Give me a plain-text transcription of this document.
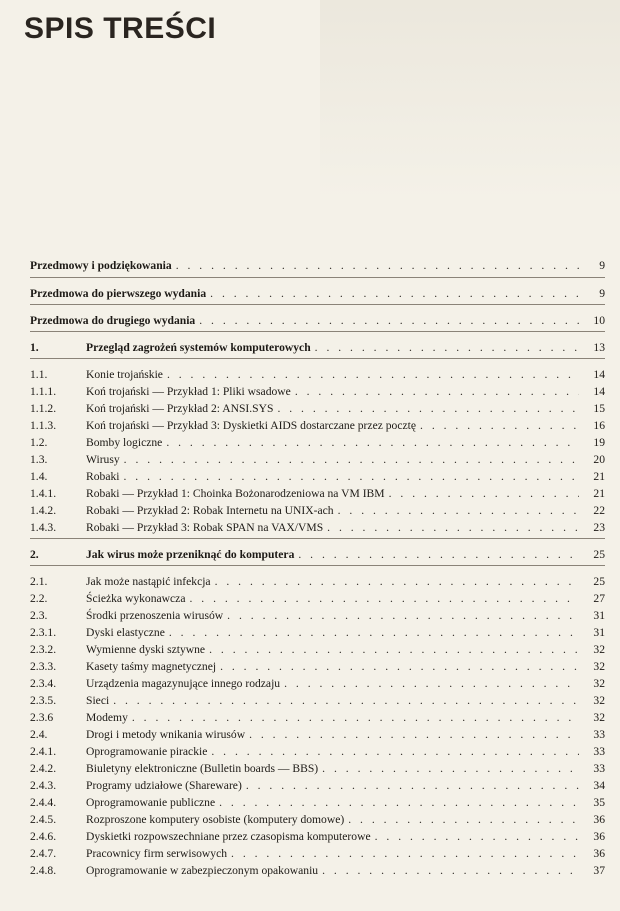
SPIS TREŚCI
Przedmowy i podziękowania . . .	9
Przedmowa do pierwszego wydania . . .	9
Przedmowa do drugiego wydania . . .	10
1.	Przegląd zagrożeń systemów komputerowych . . .	13
1.1.	Konie trojańskie . . .	14
1.1.1.	Koń trojański — Przykład 1: Pliki wsadowe . . .	14
1.1.2.	Koń trojański — Przykład 2: ANSI.SYS . . .	15
1.1.3.	Koń trojański — Przykład 3: Dyskietki AIDS dostarczane przez pocztę . . .	16
1.2.	Bomby logiczne . . .	19
1.3.	Wirusy . . .	20
1.4.	Robaki . . .	21
1.4.1.	Robaki — Przykład 1: Choinka Bożonarodzeniowa na VM IBM . . .	21
1.4.2.	Robaki — Przykład 2: Robak Internetu na UNIX-ach . . .	22
1.4.3.	Robaki — Przykład 3: Robak SPAN na VAX/VMS . . .	23
2.	Jak wirus może przeniknąć do komputera . . .	25
2.1.	Jak może nastąpić infekcja . . .	25
2.2.	Ścieżka wykonawcza . . .	27
2.3.	Środki przenoszenia wirusów . . .	31
2.3.1.	Dyski elastyczne . . .	31
2.3.2.	Wymienne dyski sztywne . . .	32
2.3.3.	Kasety taśmy magnetycznej . . .	32
2.3.4.	Urządzenia magazynujące innego rodzaju . . .	32
2.3.5.	Sieci . . .	32
2.3.6	Modemy . . .	32
2.4.	Drogi i metody wnikania wirusów . . .	33
2.4.1.	Oprogramowanie pirackie . . .	33
2.4.2.	Biuletyny elektroniczne (Bulletin boards — BBS) . . .	33
2.4.3.	Programy udziałowe (Shareware) . . .	34
2.4.4.	Oprogramowanie publiczne . . .	35
2.4.5.	Rozproszone komputery osobiste (komputery domowe) . . .	36
2.4.6.	Dyskietki rozpowszechniane przez czasopisma komputerowe . . .	36
2.4.7.	Pracownicy firm serwisowych . . .	36
2.4.8.	Oprogramowanie w zabezpieczonym opakowaniu . . .	37
